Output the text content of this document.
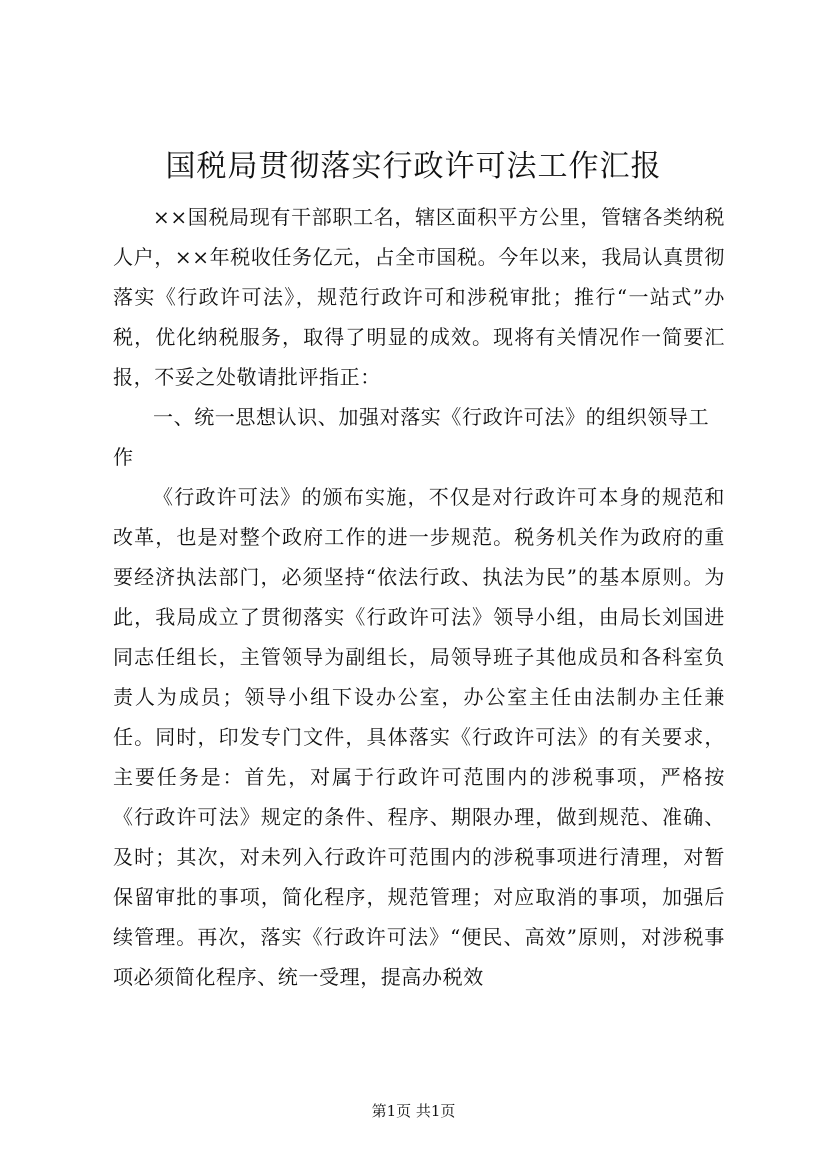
国税局贯彻落实行政许可法工作汇报

××国税局现有干部职工名，辖区面积平方公里，管辖各类纳税人户，××年税收任务亿元，占全市国税。今年以来，我局认真贯彻落实《行政许可法》，规范行政许可和涉税审批；推行“一站式”办税，优化纳税服务，取得了明显的成效。现将有关情况作一简要汇报，不妥之处敬请批评指正：

一、统一思想认识、加强对落实《行政许可法》的组织领导工作

《行政许可法》的颁布实施，不仅是对行政许可本身的规范和改革，也是对整个政府工作的进一步规范。税务机关作为政府的重要经济执法部门，必须坚持“依法行政、执法为民”的基本原则。为此，我局成立了贯彻落实《行政许可法》领导小组，由局长刘国进同志任组长，主管领导为副组长，局领导班子其他成员和各科室负责人为成员；领导小组下设办公室，办公室主任由法制办主任兼任。同时，印发专门文件，具体落实《行政许可法》的有关要求，主要任务是：首先，对属于行政许可范围内的涉税事项，严格按《行政许可法》规定的条件、程序、期限办理，做到规范、准确、及时；其次，对未列入行政许可范围内的涉税事项进行清理，对暂保留审批的事项，简化程序，规范管理；对应取消的事项，加强后续管理。再次，落实《行政许可法》“便民、高效”原则，对涉税事项必须简化程序、统一受理，提高办税效

第1页 共1页
